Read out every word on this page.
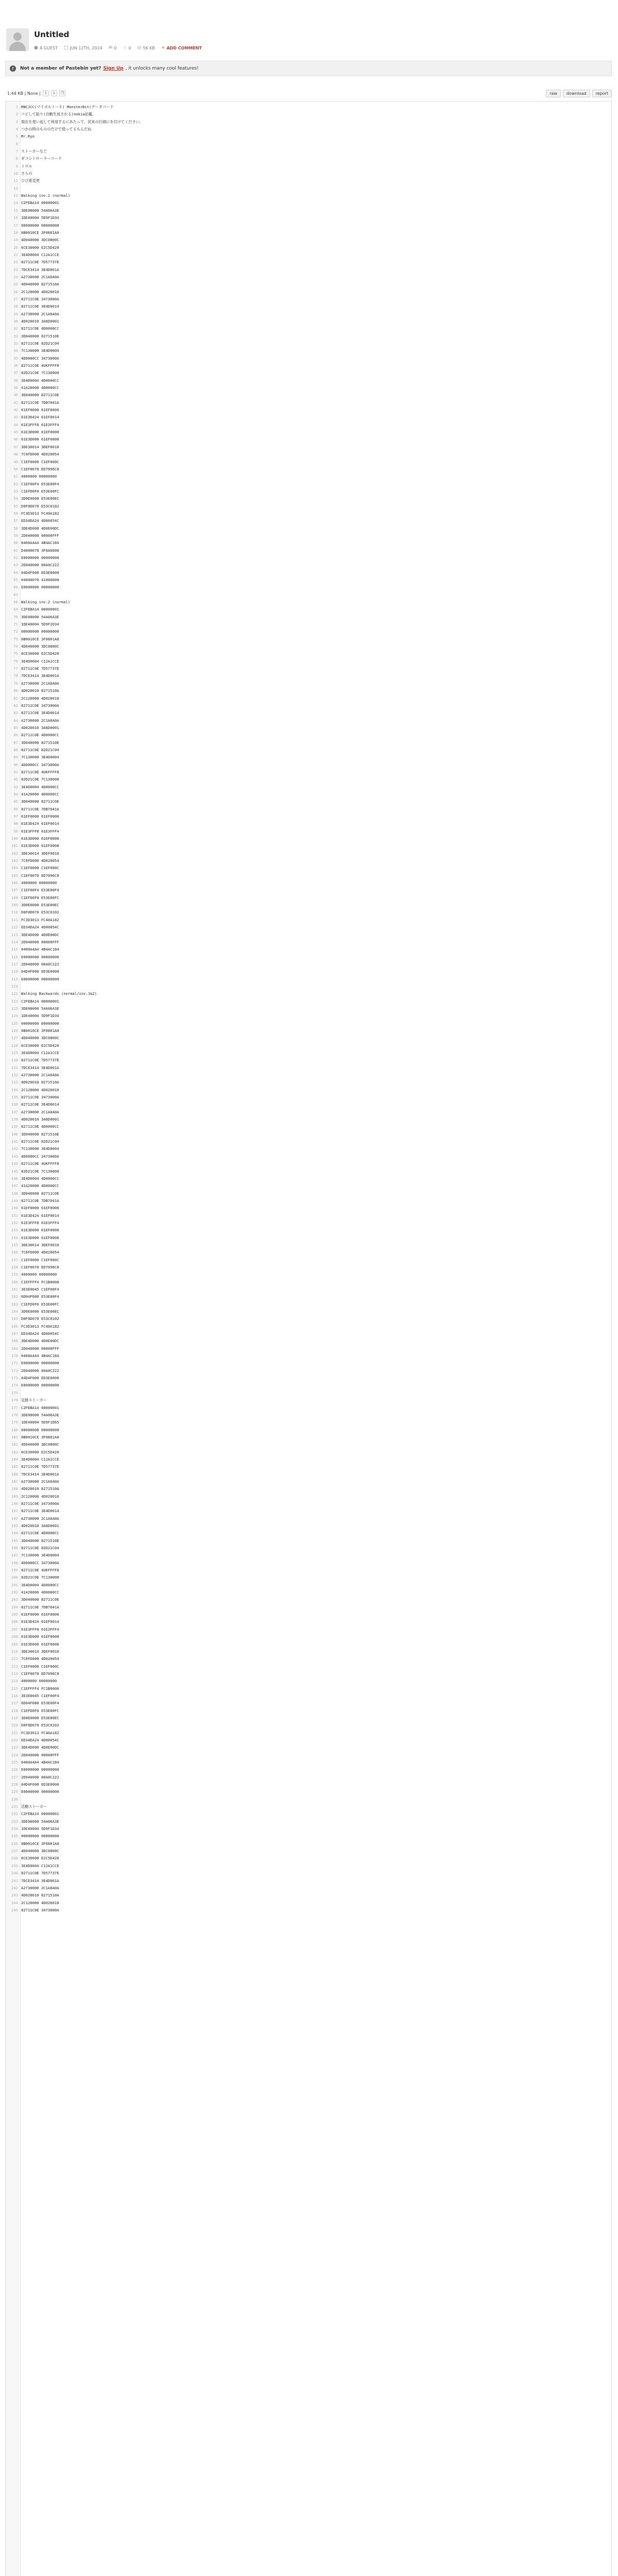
Untitled
● A GUEST □ JUN 12TH, 2024 ✉ 0 ☆ 0 ◎ 56 KB + ADD COMMENT
!	Not a member of Pastebin yet? Sign Up , it unlocks many cool features!
1.44 KB | None |	⇧	⇩	❐	raw	download	report
1 RNCJCC(マイボルトーネ) MonsterBit(データコード
2 コピして貼り(自動生成される)nokia記載。
3 現在を使い起して利用するにあたって、従来の行頭にを付けてください。
4 つかの時のもののだけで使ってるもんだね
5 Mr.Ryo
6
7 ストーカーなど
8 ギコシトローラーコード
9 トロル
10 さらの
11 ひび東変更
12
13 Walking inv.1 (normal)
14 C2FEBA14 00000001
15 3DE08000 54A06A3E
16 1DE40004 5D9F1D34
17 00000000 00000000
18 0B0010CE 3F0801A0
19 4D040000 3DC0800C
20 6CE30000 E2C5D420
21 3E4D0004 C12A1CCE
22 82711C0E 7D57737E
23 7DCE3414 3E4D001A
24 A2730000 2C1A0A0A
25 4D040000 8271510A
26 2C120000 4D020010
27 82711C0E 3473000A
28 82711C0E 3E4D0014
29 A2730000 2C1A0A0A
30 4D020010 3A6D0001
31 82711C0E 4D0000CC
32 3D040000 8271510E
33 82711C0E 82D21C04
34 7C130000 3E4D0004
35 4D0000CC 3473000A
36 82711C0E 4UKFFFF8
37 82D21C0E 7C130000
38 3E4D0004 4D0000CC
39 41A20000 4D0000CC
40 3D040000 82711C0E
41 82711C0E 7DB7041A
42 61EF0000 61EF0000
43 61E3D424 61EF0014
44 61E3FFF8 61E3FFF4
45 61E3D000 61EF0000
46 61E3D000 61EF0008
47 3DE30014 3DEF0010
48 7C6FD000 4D020054
49 C1EF0000 C1EF000C
50 C1EF0070 ED7096C8
51 4000000 00000000
52 C1EF00F4 E53E00F4
53 C1EFD0F0 E53E00FC
54 3D0E0000 E53E00EC
55 D0F0D070 E53C0102
56 FC3D3013 FC40A182
57 ED34DA24 4D00054C
58 3DE4D000 4D0E00DC
59 2D040000 00000FFF
60 0400A4A4 4B4AC184
61 D4000070 3F0A0000
62 E0000000 00000000
63 2D040000 00A0C222
64 04D4F000 ED3E0000
65 04000070 41000000
66 E0000000 00000000
67
68 Walking inv.2 (normal)
69 C2FEBA14 00000001
70 3DE08000 54A06A3E
71 1DE40004 5D9F1D34
72 00000000 00000000
73 0B0010CE 3F0801A0
74 4D040000 3DC0800C
75 6CE30000 E2C5D420
76 3E4D0004 C12A1CCE
77 82711C0E 7D57737E
78 7DCE3414 3E4D001A
79 A2730000 2C1A0A0A
80 4D020010 8271510A
81 2C120000 4D020010
82 82711C0E 3473000A
83 82711C0E 3E4D0014
84 A2730000 2C1A0A0A
85 4D020010 3A6D0001
86 82711C0E 4D0000CC
87 3D040000 8271510E
88 82711C0E 82D21C04
89 7C130000 3E4D0004
90 4D0000CC 3473000A
91 82711C0E 4UKFFFF8
92 82D21C0E 7C130000
93 3E4D0004 4D0000CC
94 41A20000 4D0000CC
95 3D040000 82711C0E
96 82711C0E 7DB7041A
97 61EF0000 61EF0000
98 61E3D424 61EF0014
99 61E3FFF8 61E3FFF4
100 61E3D000 61EF0000
101 61E3D000 61EF0008
102 3DE30014 3DEF0010
103 7C6FD000 4D020054
104 C1EF0000 C1EF000C
105 C1EF0070 ED7096C8
106 4000000 00000000
107 C1EF00F4 E53E00F4
108 C1EFD0F0 E53E00FC
109 3D0E0000 E53E00EC
110 D0F0D070 E53C0102
111 FC3D3013 FC40A182
112 ED34DA24 4D00054C
113 3DE4D000 4D0E00DC
114 2D040000 00000FFF
115 0400A4A4 4B4AC184
116 E0000000 00000000
117 2D040000 00A0C222
118 04D4F000 ED3E0000
119 E0000000 00000000
120
121 Walking Backwards (normal/inv.1&2)
122 C2FEBA14 00000001
123 3DE08000 54A06A3E
124 1DE40004 5D9F1D34
125 00000000 00000000
126 0B0010CE 3F0801A0
127 4D040000 3DC0800C
128 6CE30000 E2C5D420
129 3E4D0004 C12A1CCE
130 82711C0E 7D57737E
131 7DCE3414 3E4D001A
132 A2730000 2C1A0A0A
133 4D020010 8271510A
134 2C120000 4D020010
135 82711C0E 3473000A
136 82711C0E 3E4D0014
137 A2730000 2C1A0A0A
138 4D020010 3A6D0001
139 82711C0E 4D0000CC
140 3D040000 8271510E
141 82711C0E 82D21C04
142 7C130000 3E4D0004
143 4D0000CC 3473000A
144 82711C0E 4UKFFFF8
145 82D21C0E 7C130000
146 3E4D0004 4D0000CC
147 41A20000 4D0000CC
148 3D040000 82711C0E
149 82711C0E 7DB7041A
150 61EF0000 61EF0000
151 61E3D424 61EF0014
152 61E3FFF8 61E3FFF4
153 61E3D000 61EF0000
154 61E3D000 61EF0008
155 3DE30014 3DEF0010
156 7C6FD000 4D020054
157 C1EF0000 C1EF000C
158 C1EF0070 ED7096C8
159 4000000 00000000
160 C1EFFFF4 FC1B0000
161 3E3E0045 C1EF00F4
162 6D04F080 E53E00F4
163 C1EFD0F0 E53E00FC
164 3D0E0000 E53E00EC
165 D0F0D070 E53C0102
166 FC3D3013 FC40A182
167 ED34DA24 4D00054C
168 3DE4D000 4D0E00DC
169 2D040000 00000FFF
170 0400A4A4 4B4AC184
171 E0000000 00000000
172 2D040000 00A0C222
173 04D4F000 ED3E0000
174 E0000000 00000000
175
176 足跡ストーカー
177 C2FEBA14 00000001
178 3DE08000 54A06A3E
179 1DE40004 5D9F1D65
180 00000000 00000000
181 0B0010CE 3F0801A0
182 4D040000 3DC0800C
183 6CE30000 E2C5D420
184 3E4D0004 C12A1CCE
185 82711C0E 7D57737E
186 7DCE3414 3E4D001A
187 A2730000 2C1A0A0A
188 4D020010 8271510A
189 2C120000 4D020010
190 82711C0E 3473000A
191 82711C0E 3E4D0014
192 A2730000 2C1A0A0A
193 4D020010 3A6D0001
194 82711C0E 4D0000CC
195 3D040000 8271510E
196 82711C0E 82D21C04
197 7C130000 3E4D0004
198 4D0000CC 3473000A
199 82711C0E 4UKFFFF8
200 82D21C0E 7C130000
201 3E4D0004 4D0000CC
202 41A20000 4D0000CC
203 3D040000 82711C0E
204 82711C0E 7DB7041A
205 61EF0000 61EF0000
206 61E3D424 61EF0014
207 61E3FFF8 61E3FFF4
208 61E3D000 61EF0000
209 61E3D000 61EF0008
210 3DE30014 3DEF0010
211 7C6FD000 4D020054
212 C1EF0000 C1EF000C
213 C1EF0070 ED7096C8
214 4000000 00000000
215 C1EFFFF4 FC1B0000
216 3E3E0045 C1EF00F4
217 6D04F080 E53E00F4
218 C1EFD0F0 E53E00FC
219 3D0E0000 E53E00EC
220 D0F0D070 E53C0102
221 FC3D3013 FC40A182
222 ED34DA24 4D00054C
223 3DE4D000 4D0E00DC
224 2D040000 00000FFF
225 0400A4A4 4B4AC184
226 E0000000 00000000
227 2D040000 00A0C222
228 04D4F000 ED3E0000
229 E0000000 00000000
230
231 活動ストーカー
232 C2FEBA14 00000001
233 3DE08000 54A06A3E
234 1DE40004 5D9F1D34
235 00000000 00000000
236 0B0010CE 3F0801A0
237 4D040000 3DC0800C
238 6CE30000 E2C5D420
239 3E4D0004 C12A1CCE
240 82711C0E 7D57737E
241 7DCE3414 3E4D001A
242 A2730000 2C1A0A0A
243 4D020010 8271510A
244 2C120000 4D020010
245 82711C0E 3473000A
